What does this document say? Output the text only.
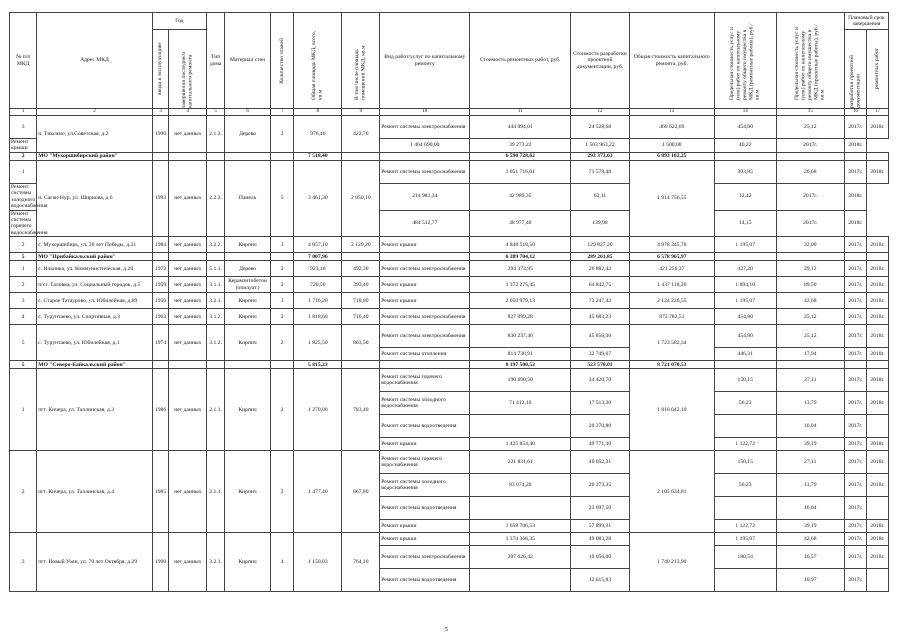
№ п/п МКД	Адрес МКД	Год		Тип дома	Материал стен	Количество этажей	Общая площадь МКД, всего, кв.м	В том числе площадь помещений МКД, кв.м	Вид работ/услуг по капитальному ремонту	Стоимость ремонтных работ, руб.	Стоимость разработки проектной документации, руб.	Общая стоимость капитального ремонта, руб.	Предельная стоимость услуг и (или) работ по капитальному ремонту общего имущества в МКД (ремонтные работы), руб./кв.м	Предельная стоимость услуг и (или) работ по капитальному ремонту общего имущества в МКД (проектные работы), руб./кв.м	Плановый срок завершения	

		ввода в эксплуатацию	завершения последнего капитального ремонта												разработки проектной документации	ремонтных работ

1	2	3	4	5	6	7	8	9	10	11	12	13	14	15	16	17
3	п. Тиксимо, ул.Советская, д.2	1990	нет данных	2.1.2.	Дерево	2	976,46	422,70	Ремонт системы электроснабжения	444 094,01	24 528,68	468 622,69	454,80	25,12	2017г.	2018г.
Ремонт крыши									1 464 690,00	39 273,22	1 503 963,22	1 500,00	40,22	2017г.	2018г.	
2	МО "Мухоршибирский район"						7 518,40			6 590 728,62	293 373,63	6 893 102,25				
1	п. Саган-Нур, ул. Ширнова, д.6	1993	нет данных	2.2.2.	Панель	5	3 461,30	2 050,10	Ремонт системы электроснабжения	1 051 716,01	71 579,48	1 914 756,55	303,85	20,68	2017г.	2018г.
Ремонт системы холодного водоснабжения									214 981,34	42 989,35	62,11		12,42	2017г.	2018г.	
Ремонт системы горячего водоснабжения									484 512,77	48 977,40	139,98		14,15	2017г.	2018г.	
2	с. Мухоршибирь, ул. 30 лет Победы, д.31	1984	нет данных	3.2.2.	Кирпич	3	4 057,10	2 129,20	Ремонт крыши	4 848 518,50	129 827,20	4 978 345,70	1 195,07	32,00	2017г.	2018г.
5	МО "Прибайкальский район"						7 007,96			6 289 704,12	289 261,85	6 578 965,97				
1	с. Ильинка, ул. Коммунистическая, д.28	1972	нет данных	5.1.1.	Дерево	2	923,16	492,30	Ремонт системы электроснабжения	394 373,95	26 882,42	421 256,37	427,20	29,12	2017г.	2018г.
2	п/ст. Таловка, ул. Социальный городок, д.5	1959	нет данных	3.1.1.	Керамзитобетон (опилуат.)	2	720,50	393,40	Ремонт крыши	1 372 275,45	64 842,75	1 437 118,20	1 894,10	89,50	2017г.	2018г.
3	с. Старое Татаурово, ул. Юбилейная, д.89	1956	нет данных	3.2.1.	Кирпич	3	1 716,20	718,80	Ремонт крыши	2 050 979,13	73 247,42	2 124 226,55	1 195,07	42,68	2017г.	2018г.
4	с. Турунтаево, ул. Спортивная, д.3	1963	нет данных	3.1.2.	Кирпич	2	1 818,60	716,40	Ремонт системы электроснабжения	827 099,28	45 683,23	872 782,51	454,80	25,12	2017г.	2018г.
5	с. Турунтаево, ул. Юбилейная, д.1	1974	нет данных	3.1.2.	Кирпич	2	1 825,50	863,50	Ремонт системы электроснабжения	830 237,40	45 856,36	1 723 582,34	454,80	25,12	2017г.	2018г.
									Ремонт системы отопления	814 738,91	32 749,67		446,31	17,94	2017г.	2018г.
5	МО "Северо-Байкальский район"						5 815,23			8 197 500,52	523 570,01	8 721 070,53				
1	пгт. Кичера, ул. Таллинская, д.3	1986	нет данных	2.1.1.	Кирпич	2	1 270,00	783,40	Ремонт системы горячего водоснабжения	190 690,50	34 420,70	1 810 042,10	150,15	27,11	2017г.	2018г.
									Ремонт системы холодного водоснабжения	71 412,10	17 513,30		56,23	13,79	2017г.	2018г.
									Ремонт системы водоотведения		20 370,80			16,04	2017г.	
									Ремонт крыши	1 425 854,40	49 771,30		1 122,72	39,19	2017г.	2018г.
2	пгт. Кичера, ул. Таллинская, д.4	1985	нет данных	2.1.1.	Кирпич	2	1 477,40	867,80	Ремонт системы горячего водоснабжения	221 831,61	40 052,31	2 105 634,81	150,15	27,11	2017г.	2018г.
									Ремонт системы холодного водоснабжения	83 074,20	20 373,35		56,23	13,79	2017г.	2018г.
									Ремонт системы водоотведения		23 697,50			16,04	2017г.	
									Ремонт крыши	1 658 706,53	57 899,31		1 122,72	39,19	2017г.	2018г.
3	пгт. Новый Уоян, ул. 70 лет Октября, д.29	1990	нет данных	3.2.1.	Кирпич	4	1 150,03	764,10	Ремонт крыши	1 374 366,35	49 083,28	1 740 213,90	1 195,07	42,68	2017г.	2018г.
									Ремонт системы электроснабжения	207 626,42	19 056,00		180,54	16,57	2017г.	2018г.
									Ремонт системы водоотведения		12 615,83			10,97	2017г.	
5
